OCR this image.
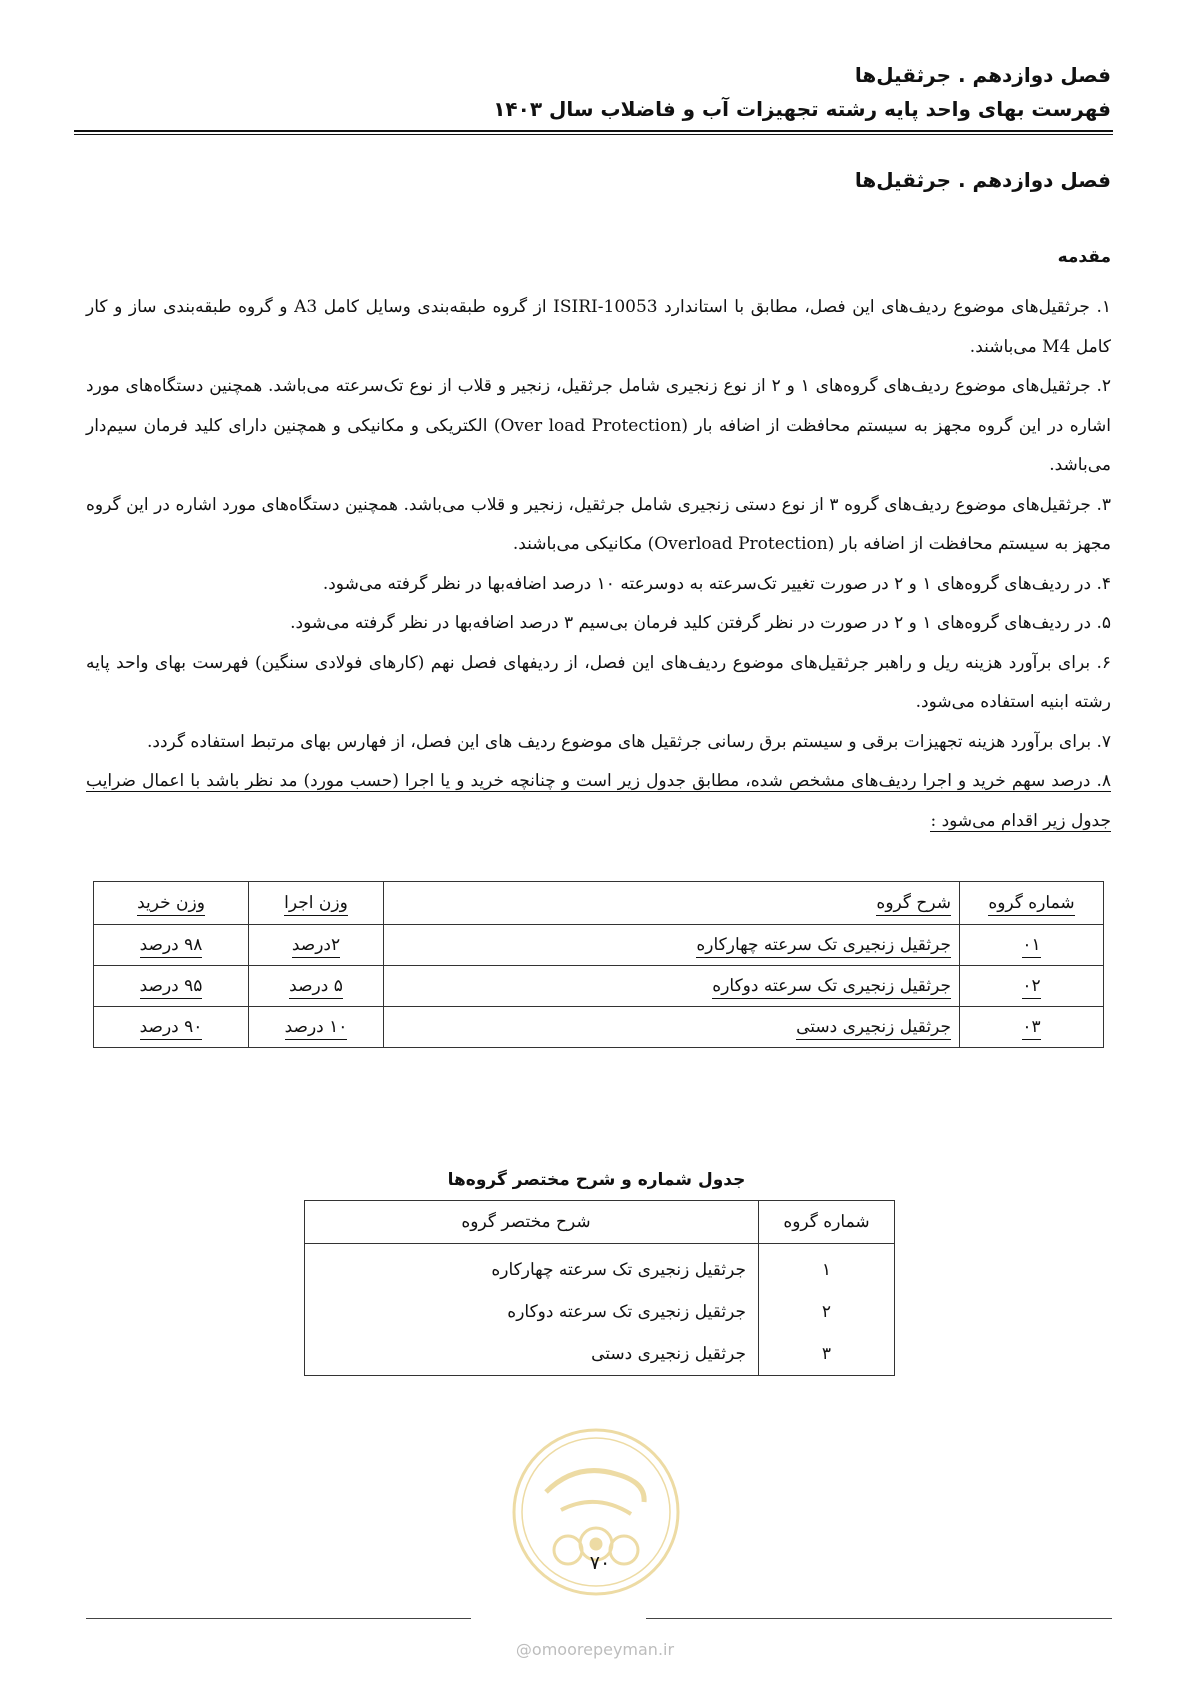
فصل دوازدهم . جرثقیل‌ها
فهرست بهای واحد پایه رشته تجهیزات آب و فاضلاب سال ۱۴۰۳
فصل دوازدهم . جرثقیل‌ها
مقدمه

۱. جرثقیل‌های موضوع ردیف‌های این فصل، مطابق با استاندارد ISIRI-10053 از گروه طبقه‌بندی وسایل کامل A3 و گروه طبقه‌بندی ساز و کار کامل M4 می‌باشند.

۲. جرثقیل‌های موضوع ردیف‌های گروه‌های ۱ و ۲ از نوع زنجیری شامل جرثقیل، زنجیر و قلاب از نوع تک‌سرعته می‌باشد. همچنین دستگاه‌های مورد اشاره در این گروه مجهز به سیستم محافظت از اضافه بار (Over load Protection) الکتریکی و مکانیکی و همچنین دارای کلید فرمان سیم‌دار می‌باشد.

۳. جرثقیل‌های موضوع ردیف‌های گروه ۳ از نوع دستی زنجیری شامل جرثقیل، زنجیر و قلاب می‌باشد. همچنین دستگاه‌های مورد اشاره در این گروه مجهز به سیستم محافظت از اضافه بار (Overload Protection) مکانیکی می‌باشند.

۴. در ردیف‌های گروه‌های ۱ و ۲ در صورت تغییر تک‌سرعته به دوسرعته ۱۰ درصد اضافه‌بها در نظر گرفته می‌شود.

۵. در ردیف‌های گروه‌های ۱ و ۲ در صورت در نظر گرفتن کلید فرمان بی‌سیم ۳ درصد اضافه‌بها در نظر گرفته می‌شود.

۶. برای برآورد هزینه ریل و راهبر جرثقیل‌های موضوع ردیف‌های این فصل، از ردیفهای فصل نهم (کارهای فولادی سنگین) فهرست بهای واحد پایه رشته ابنیه استفاده می‌شود.

۷. برای برآورد هزینه تجهیزات برقی و سیستم برق رسانی جرثقیل های موضوع ردیف های این فصل، از فهارس بهای مرتبط استفاده گردد.

۸. درصد سهم خرید و اجرا ردیف‌های مشخص شده، مطابق جدول زیر است و چنانچه خرید و یا اجرا (حسب مورد) مد نظر باشد با اعمال ضرایب جدول زیر اقدام می‌شود :

شماره گروه	شرح گروه	وزن اجرا	وزن خرید
۰۱	جرثقیل زنجیری تک سرعته چهارکاره	۲درصد	۹۸ درصد
۰۲	جرثقیل زنجیری تک سرعته دوکاره	۵ درصد	۹۵ درصد
۰۳	جرثقیل زنجیری دستی	۱۰ درصد	۹۰ درصد
جدول شماره و شرح مختصر گروه‌ها
شماره گروه	شرح مختصر گروه
۱	جرثقیل زنجیری تک سرعته چهارکاره
۲	جرثقیل زنجیری تک سرعته دوکاره
۳	جرثقیل زنجیری دستی
۷۰
@omoorepeyman.ir
